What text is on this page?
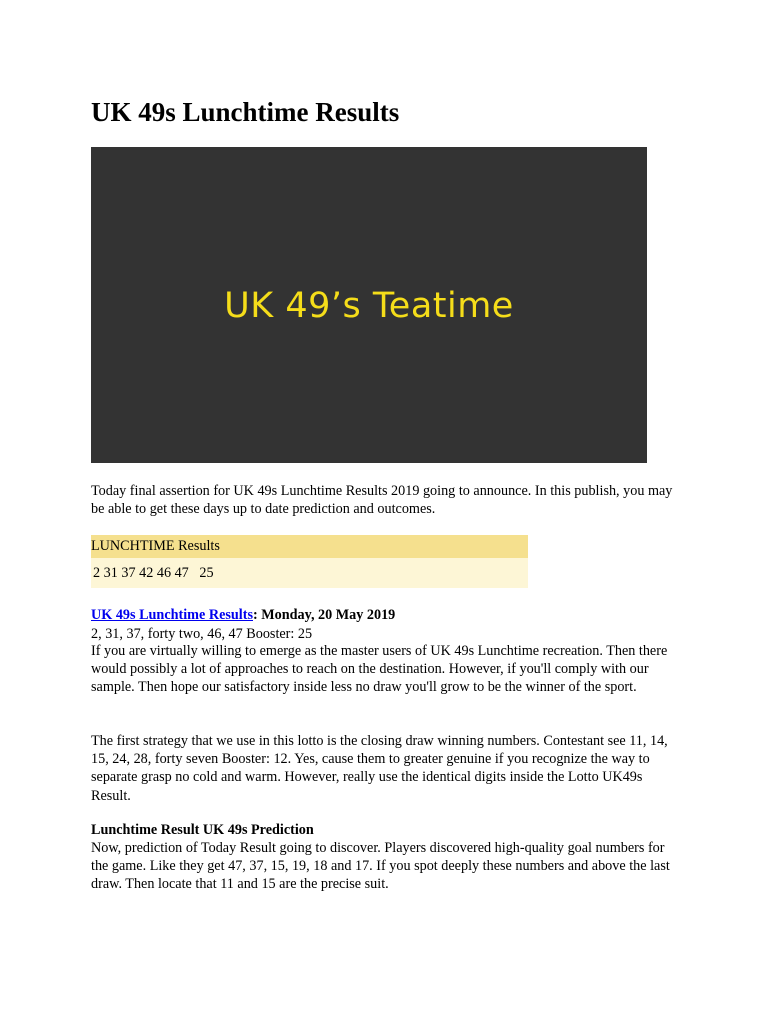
UK 49s Lunchtime Results
UK 49’s Teatime

Today final assertion for UK 49s Lunchtime Results 2019 going to announce. In this publish, you may be able to get these days up to date prediction and outcomes.

LUNCHTIME Results
2 31 37 42 46 47   25
UK 49s Lunchtime Results: Monday, 20 May 2019

2, 31, 37, forty two, 46, 47 Booster: 25

If you are virtually willing to emerge as the master users of UK 49s Lunchtime recreation. Then there would possibly a lot of approaches to reach on the destination. However, if you'll comply with our sample. Then hope our satisfactory inside less no draw you'll grow to be the winner of the sport.

The first strategy that we use in this lotto is the closing draw winning numbers. Contestant see 11, 14, 15, 24, 28, forty seven Booster: 12. Yes, cause them to greater genuine if you recognize the way to separate grasp no cold and warm. However, really use the identical digits inside the Lotto UK49s Result.

Lunchtime Result UK 49s Prediction

Now, prediction of Today Result going to discover. Players discovered high-quality goal numbers for the game. Like they get 47, 37, 15, 19, 18 and 17. If you spot deeply these numbers and above the last draw. Then locate that 11 and 15 are the precise suit.
